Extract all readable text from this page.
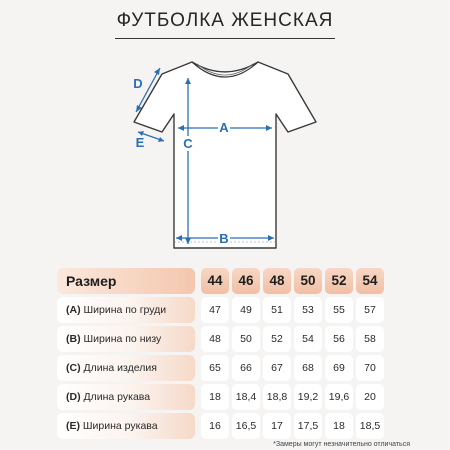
ФУТБОЛКА ЖЕНСКАЯ
A
B
C
D
E
Размер	44	46	48	50	52	54
(A) Ширина по груди	47	49	51	53	55	57
(B) Ширина по низу	48	50	52	54	56	58
(C) Длина изделия	65	66	67	68	69	70
(D) Длина рукава	18	18,4	18,8	19,2	19,6	20
(E) Ширина рукава	16	16,5	17	17,5	18	18,5
*Замеры могут незначительно отличаться
